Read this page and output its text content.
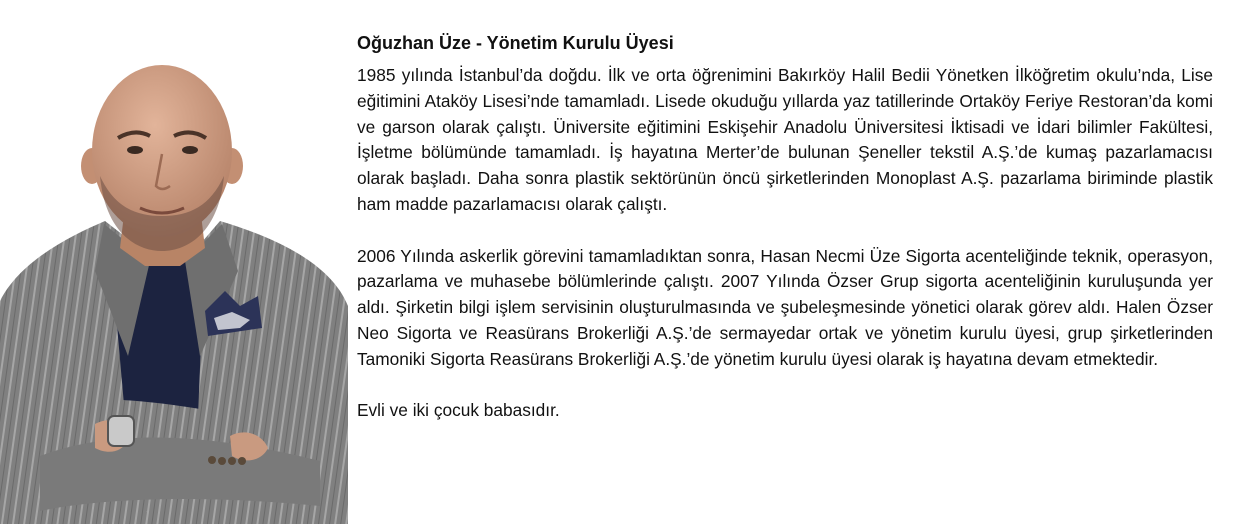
Oğuzhan Üze - Yönetim Kurulu Üyesi

1985 yılında İstanbul’da doğdu. İlk ve orta öğrenimini Bakırköy Halil Bedii Yönetken İlköğretim okulu’nda, Lise eğitimini Ataköy Lisesi’nde tamamladı. Lisede okuduğu yıllarda yaz tatillerinde Ortaköy Feriye Restoran’da komi ve garson olarak çalıştı. Üniversite eğitimini Eskişehir Anadolu Üniversitesi İktisadi ve İdari bilimler Fakültesi, İşletme bölümünde tamamladı. İş hayatına Merter’de bulunan Şeneller tekstil A.Ş.’de kumaş pazarlamacısı olarak başladı. Daha sonra plastik sektörünün öncü şirketlerinden Monoplast A.Ş. pazarlama biriminde plastik ham madde pazarlamacısı olarak çalıştı.

2006 Yılında askerlik görevini tamamladıktan sonra, Hasan Necmi Üze Sigorta acenteliğinde teknik, operasyon, pazarlama ve muhasebe bölümlerinde çalıştı. 2007 Yılında Özser Grup sigorta acenteliğinin kuruluşunda yer aldı. Şirketin bilgi işlem servisinin oluşturulmasında ve şubeleşmesinde yönetici olarak görev aldı. Halen Özser Neo Sigorta ve Reasürans Brokerliği A.Ş.’de sermayedar ortak ve yönetim kurulu üyesi, grup şirketlerinden Tamoniki Sigorta Reasürans Brokerliği A.Ş.’de yönetim kurulu üyesi olarak iş hayatına devam etmektedir.

Evli ve iki çocuk babasıdır.
